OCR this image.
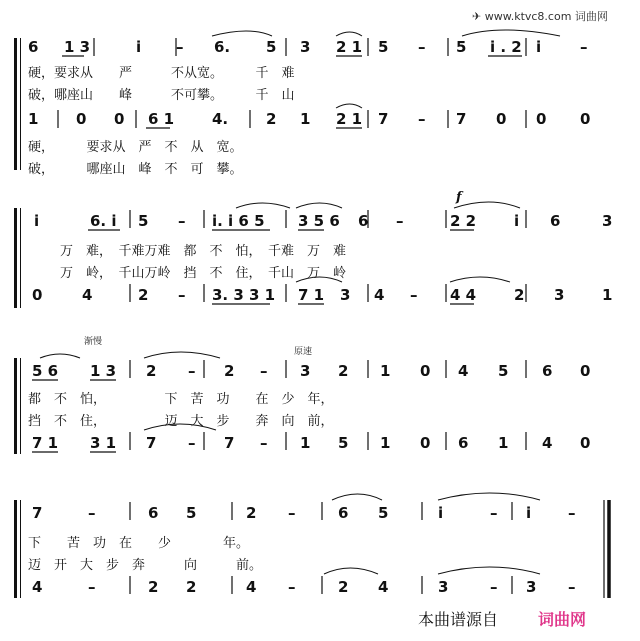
✈ www.ktvc8.com 词曲网
6 1 3	i – 6. 5 3 2 1 5 – 5 i . 2 i	–
硬，要求从　　严　　　不从宽。　　　千　难
破，哪座山　　峰　　　不可攀。　　　千　山
1	0 0 6 1	4.	2 1 2 1 7 – 7 0 0 0
硬，　　　要求从　严　不　从　宽。
破，　　　哪座山　峰　不　可　攀。
f
i	6. i 5 – i. i 6 5 3 5 6 6 –	2 2	i 6	3
万　难，　千难万难　都　不　怕，　千难　万　难
万　岭，　千山万岭　挡　不　住，　千山　万　岭
0	4	2 – 3. 3 3 1 7 1 3 4 – 4 4	2 3	1
渐慢
原速
5 6 1 3 2 – 2 – 3 2 1 0 4 5 6 0
都　不　怕，　　　　　下　苦　功　　在　少　年，
挡　不　住，　　　　　迈　大　步　　奔　向　前，
7 1 3 1 7 – 7 – 1 5 1 0 6 1 4 0
7	–	6 5	2 –	6 5	i	– i –
下　　苦　功　在　　少　　　　年。
迈　开　大　步　奔　　　向　　　前。
4	–	2 2	4 –	2 4	3	– 3 –
本曲谱源自 词曲网
